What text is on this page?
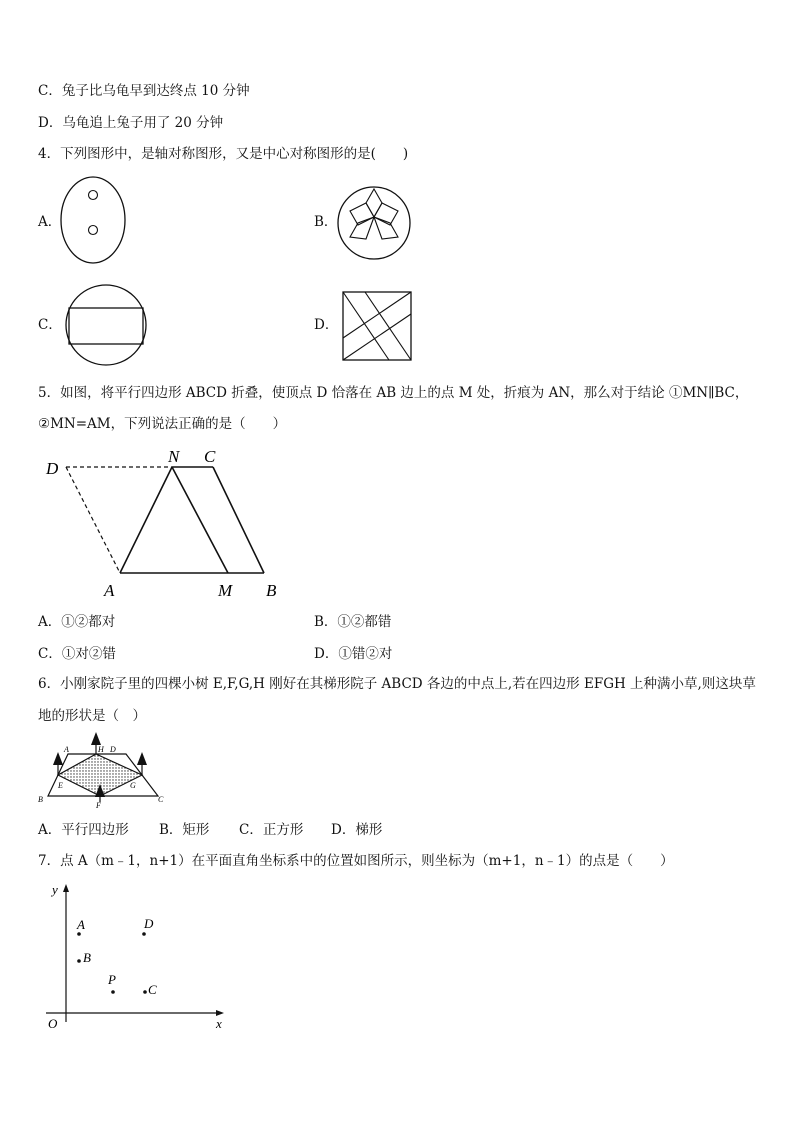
C．兔子比乌龟早到达终点 10 分钟
D．乌龟追上兔子用了 20 分钟
4．下列图形中，是轴对称图形，又是中心对称图形的是(　　)
A．	B．
C．	D．
5．如图，将平行四边形 ABCD 折叠，使顶点 D 恰落在 AB 边上的点 M 处，折痕为 AN，那么对于结论 ①MN∥BC，
②MN=AM，下列说法正确的是（　　）
D
N C
A	M B
A．①②都对	B．①②都错
C．①对②错	D．①错②对
6．小刚家院子里的四棵小树 E,F,G,H 刚好在其梯形院子 ABCD 各边的中点上,若在四边形 EFGH 上种满小草,则这块草
地的形状是（　）
A	H D
E	G
B
F
C
A．平行四边形 B．矩形 C．正方形 D．梯形
7．点 A（m﹣1，n+1）在平面直角坐标系中的位置如图所示，则坐标为（m+1，n﹣1）的点是（　　）
y
x
O
A
B
D
P
C
